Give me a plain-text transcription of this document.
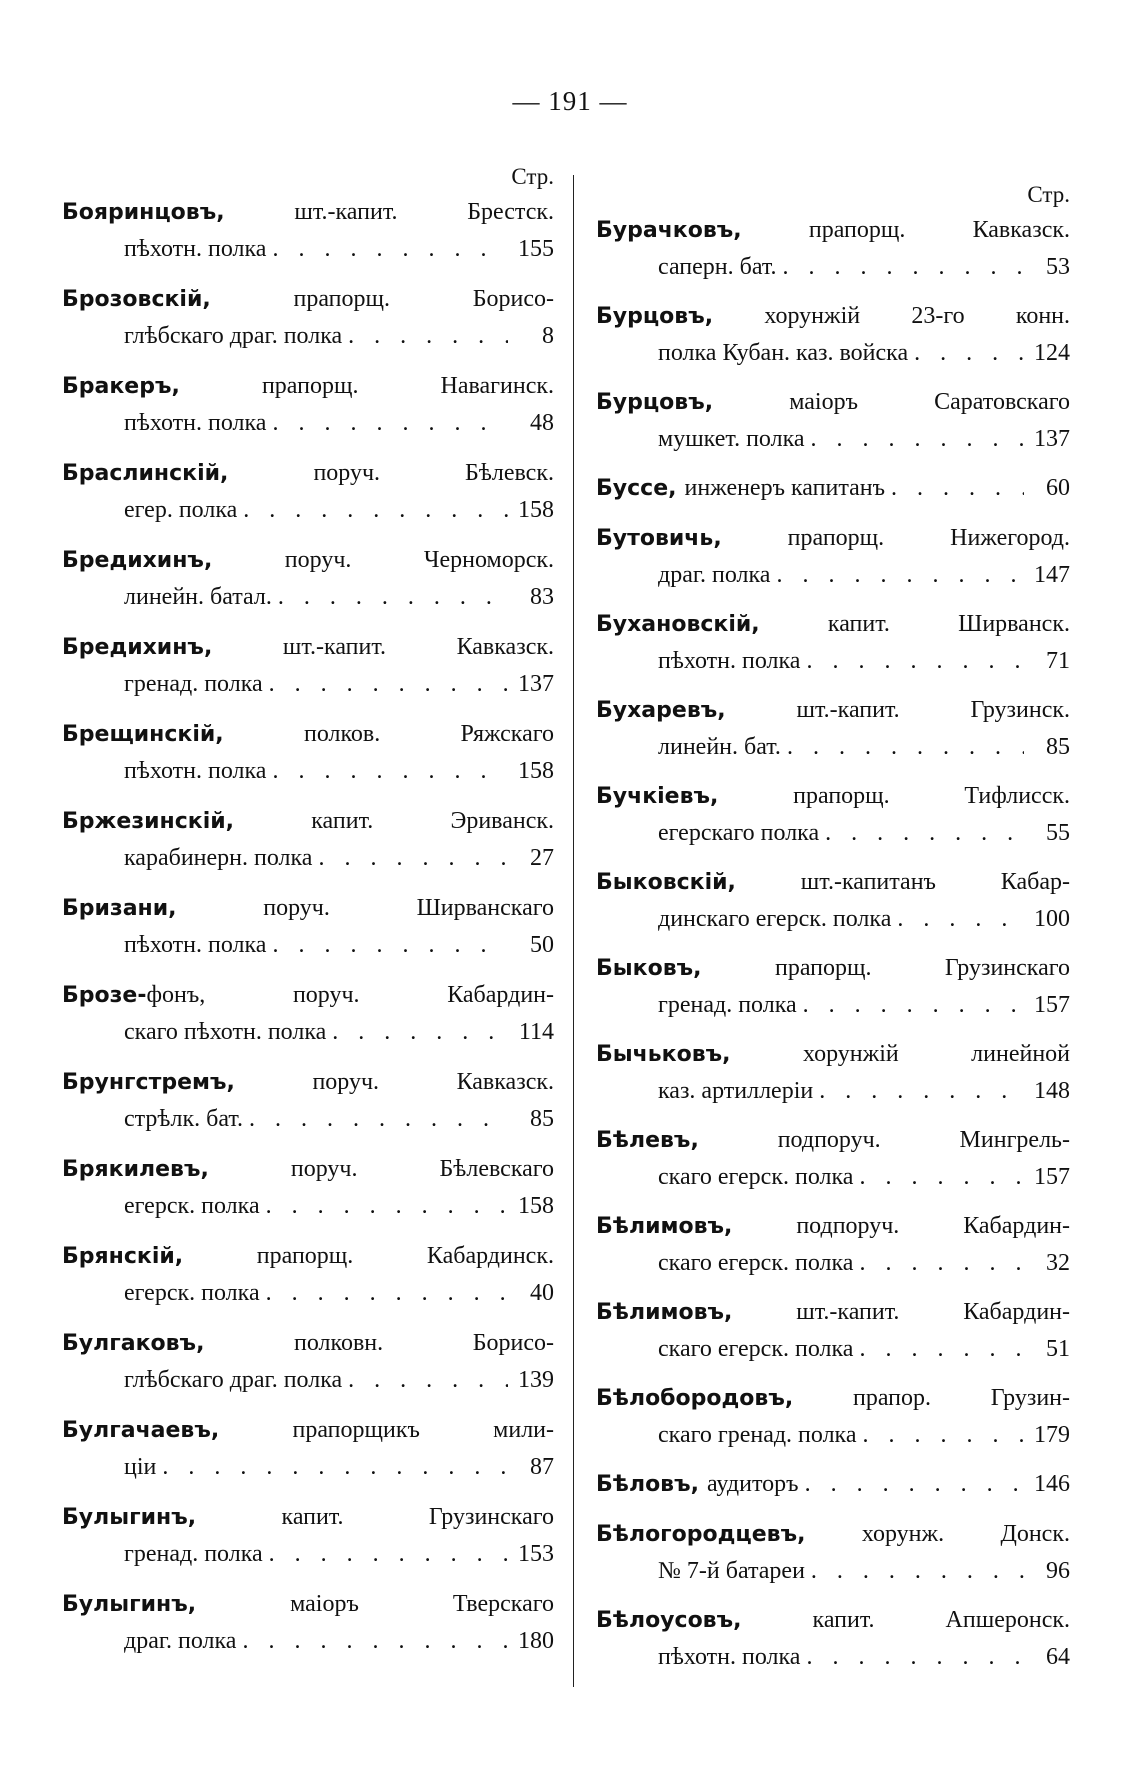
— 191 —
Стр.
Бояринцовъ,	шт.-капит. Брестск.
пѣхотн. полка . . .	155
Брозовскій,	прапорщ. Борисо-
глѣбскаго драг. полка . . .	8
Бракеръ,	прапорщ. Навагинск.
пѣхотн. полка . . .	48
Браслинскій,	поруч. Бѣлевск.
егер. полка . . .	158
Бредихинъ,	поруч. Черноморск.
линейн. батал. . . .	83
Бредихинъ,	шт.-капит. Кавказск.
гренад. полка . . .	137
Брещинскій,	полков. Ряжскаго
пѣхотн. полка . . .	158
Бржезинскій,	капит. Эриванск.
карабинерн. полка . . .	27
Бризани,	поруч. Ширванскаго
пѣхотн. полка . . .	50
Брозе-фонъ,	поруч. Кабардин-
скаго пѣхотн. полка . . .	114
Брунгстремъ,	поруч. Кавказск.
стрѣлк. бат. . . .	85
Брякилевъ,	поруч. Бѣлевскаго
егерск. полка . . .	158
Брянскій,	прапорщ. Кабардинск.
егерск. полка . . .	40
Булгаковъ,	полковн. Борисо-
глѣбскаго драг. полка . . .	139
Булгачаевъ,	прапорщикъ мили-
ціи . . .	87
Булыгинъ,	капит. Грузинскаго
гренад. полка . . .	153
Булыгинъ,	маіоръ Тверскаго
драг. полка . . .	180
Стр.
Бурачковъ,	прапорщ. Кавказск.
саперн. бат. . . .	53
Бурцовъ, хорунжій 23-го конн.
полка Кубан. каз. войска . . .	124
Бурцовъ,	маіоръ Саратовскаго
мушкет. полка . . .	137
Буссе, инженеръ капитанъ . . .	60
Бутовичь,	прапорщ. Нижегород.
драг. полка . . .	147
Бухановскій,	капит. Ширванск.
пѣхотн. полка . . .	71
Бухаревъ,	шт.-капит. Грузинск.
линейн. бат. . . .	85
Бучкіевъ,	прапорщ. Тифлисск.
егерскаго полка . . .	55
Быковскій,	шт.-капитанъ Кабар-
динскаго егерск. полка . . .	100
Быковъ,	прапорщ. Грузинскаго
гренад. полка . . .	157
Бычьковъ,	хорунжій линейной
каз. артиллеріи . . .	148
Бѣлевъ,	подпоруч. Мингрель-
скаго егерск. полка . . .	157
Бѣлимовъ,	подпоруч. Кабардин-
скаго егерск. полка . . .	32
Бѣлимовъ,	шт.-капит. Кабардин-
скаго егерск. полка . . .	51
Бѣлобородовъ, прапор. Грузин-
скаго гренад. полка . . .	179
Бѣловъ, аудиторъ . . .	146
Бѣлогородцевъ, хорунж. Донск.
№ 7-й батареи . . .	96
Бѣлоусовъ,	капит. Апшеронск.
пѣхотн. полка . . .	64
